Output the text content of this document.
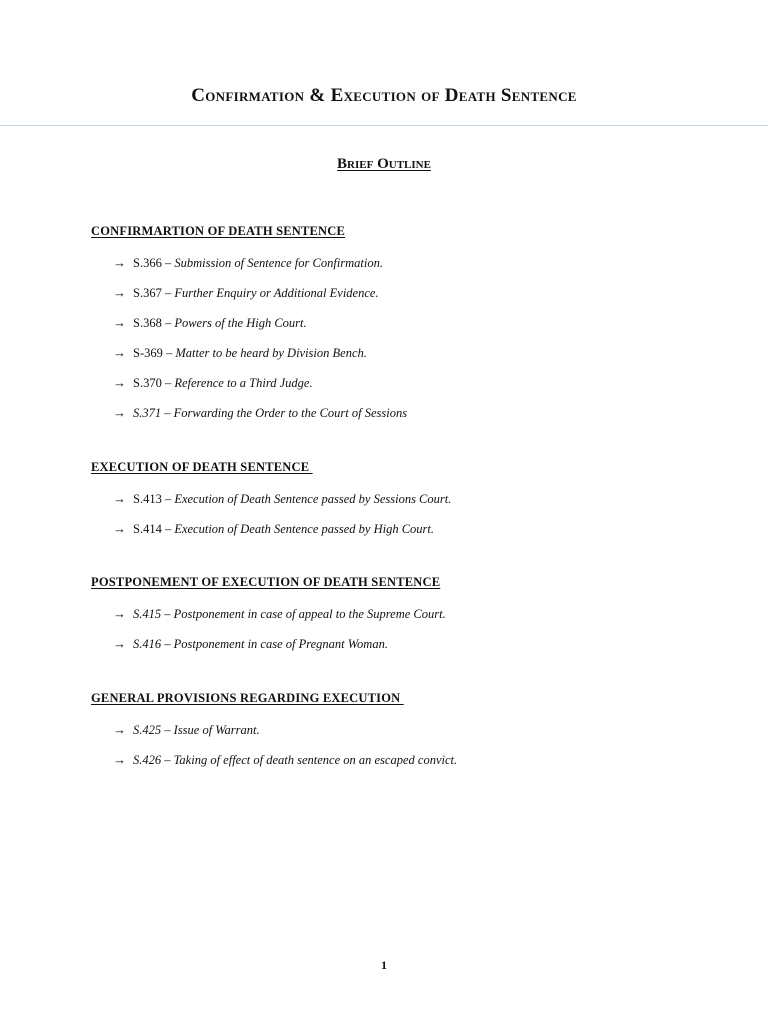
Confirmation & Execution of Death Sentence
Brief Outline
CONFIRMARTION OF DEATH SENTENCE
→ S.366 – Submission of Sentence for Confirmation.
→ S.367 – Further Enquiry or Additional Evidence.
→ S.368 – Powers of the High Court.
→ S-369 – Matter to be heard by Division Bench.
→ S.370 – Reference to a Third Judge.
→ S.371 – Forwarding the Order to the Court of Sessions
EXECUTION OF DEATH SENTENCE
→ S.413 – Execution of Death Sentence passed by Sessions Court.
→ S.414 – Execution of Death Sentence passed by High Court.
POSTPONEMENT OF EXECUTION OF DEATH SENTENCE
→ S.415 – Postponement in case of appeal to the Supreme Court.
→ S.416 – Postponement in case of Pregnant Woman.
GENERAL PROVISIONS REGARDING EXECUTION
→ S.425 – Issue of Warrant.
→ S.426 – Taking of effect of death sentence on an escaped convict.
1
